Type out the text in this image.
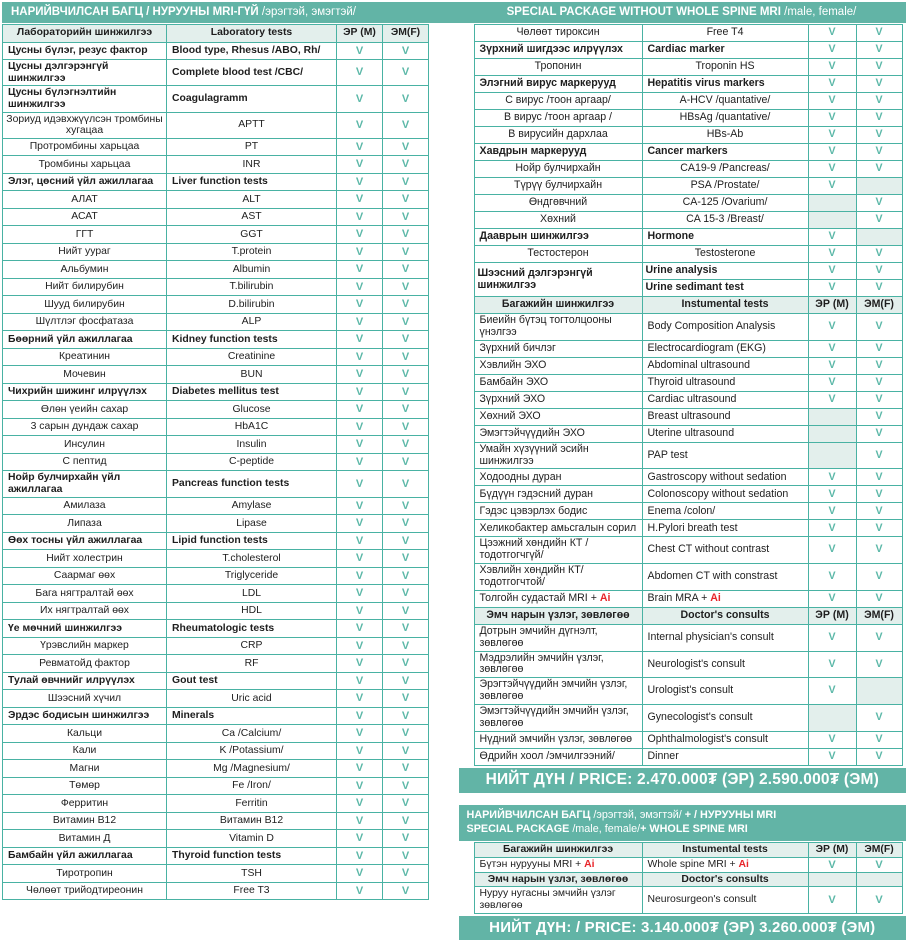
НАРИЙВЧИЛСАН БАГЦ / НУРУУНЫ MRI-ГҮЙ /эрэгтэй, эмэгтэй/	SPECIAL PACKAGE WITHOUT WHOLE SPINE MRI /male, female/
Лабораторийн шинжилгээ	Laboratory tests	ЭР (М)	ЭМ(F)
Цусны бүлэг, резус фактор	Blood type, Rhesus /ABO, Rh/	V	V
Цусны дэлгэрэнгүй шинжилгээ	Complete blood test /CBC/	V	V
Цусны бүлэгнэлтийн шинжилгээ	Coagulagramm	V	V
Зориуд идэвхжүүлсэн тромбины хугацаа	APTT	V	V
Протромбины харьцаа	PT	V	V
Тромбины харьцаа	INR	V	V
Элэг, цөсний үйл ажиллагаа	Liver function tests	V	V
АЛАТ	ALT	V	V
АСАТ	AST	V	V
ГГТ	GGT	V	V
Нийт уураг	T.protein	V	V
Альбумин	Albumin	V	V
Нийт билирубин	T.bilirubin	V	V
Шууд билирубин	D.bilirubin	V	V
Шүлтлэг фосфатаза	ALP	V	V
Бөөрний үйл ажиллагаа	Kidney function tests	V	V
Креатинин	Creatinine	V	V
Мочевин	BUN	V	V
Чихрийн шижинг илрүүлэх	Diabetes mellitus test	V	V
Өлөн үеийн сахар	Glucose	V	V
3 сарын дундаж сахар	HbA1C	V	V
Инсулин	Insulin	V	V
С пептид	C-peptide	V	V
Нойр булчирхайн үйл ажиллагаа	Pancreas function tests	V	V
Амилаза	Amylase	V	V
Липаза	Lipase	V	V
Өөх тосны үйл ажиллагаа	Lipid function tests	V	V
Нийт холестрин	T.cholesterol	V	V
Саармаг өөх	Triglyceride	V	V
Бага нягтралтай өөх	LDL	V	V
Их нягтралтай өөх	HDL	V	V
Үе мөчний шинжилгээ	Rheumatologic tests	V	V
Үрэвслийн маркер	CRP	V	V
Ревматойд фактор	RF	V	V
Тулай өвчнийг илрүүлэх	Gout test	V	V
Шээсний хүчил	Uric acid	V	V
Эрдэс бодисын шинжилгээ	Minerals	V	V
Кальци	Ca /Calcium/	V	V
Кали	K /Potassium/	V	V
Магни	Mg /Magnesium/	V	V
Төмөр	Fe /Iron/	V	V
Ферритин	Ferritin	V	V
Витамин В12	Витамин В12	V	V
Витамин Д	Vitamin D	V	V
Бамбайн үйл ажиллагаа	Thyroid function tests	V	V
Тиротропин	TSH	V	V
Чөлөөт трийодтиреонин	Free T3	V	V
Чөлөөт тироксин	Free T4	V	V
Зүрхний шигдээс илрүүлэх	Cardiac marker	V	V
Тропонин	Troponin HS	V	V
Элэгний вирус маркерууд	Hepatitis virus markers	V	V
С вирус /тоон аргаар/	A-HCV /quantative/	V	V
В вирус /тоон аргаар /	HBsAg /quantative/	V	V
В вирусийн дархлаа	HBs-Ab	V	V
Хавдрын маркерууд	Cancer markers	V	V
Нойр булчирхайн	CA19-9 /Pancreas/	V	V
Түрүү булчирхайн	PSA /Prostate/	V	
Өндгөвчний	CA-125 /Ovarium/		V
Хөхний	CA 15-3 /Breast/		V
Дааврын шинжилгээ	Hormone	V	
Тестостерон	Testosterone	V	V
Шээсний дэлгэрэнгүй шинжилгээ	Urine analysis	V	V
	Urine sedimant test	V	V
Багажийн шинжилгээ	Instumental tests	ЭР (М)	ЭМ(F)
Биеийн бүтэц тогтолцооны үнэлгээ	Body Composition Analysis	V	V
Зүрхний бичлэг	Electrocardiogram (EKG)	V	V
Хэвлийн ЭХО	Abdominal ultrasound	V	V
Бамбайн ЭХО	Thyroid ultrasound	V	V
Зүрхний ЭХО	Cardiac ultrasound	V	V
Хөхний ЭХО	Breast ultrasound		V
Эмэгтэйчүүдийн ЭХО	Uterine ultrasound		V
Умайн хүзүүний эсийн шинжилгээ	PAP test		V
Ходоодны дуран	Gastroscopy without sedation	V	V
Бүдүүн гэдэсний дуран	Colonoscopy without sedation	V	V
Гэдэс цэвэрлэх бодис	Enema /colon/	V	V
Хеликобактер амьсгалын сорил	H.Pylori breath test	V	V
Цээжний хөндийн КТ / тодотгогчгүй/	Chest CT without contrast	V	V
Хэвлийн хөндийн КТ/ тодотгогчтой/	Abdomen CT with constrast	V	V
Толгойн судастай MRI + Ai	Brain MRA + Ai	V	V
Эмч нарын үзлэг, зөвлөгөө	Doctor's consults	ЭР (М)	ЭМ(F)
Дотрын эмчийн дүгнэлт, зөвлөгөө	Internal physician's consult	V	V
Мэдрэлийн эмчийн үзлэг, зөвлөгөө	Neurologist's consult	V	V
Эрэгтэйчүүдийн эмчийн үзлэг, зөвлөгөө	Urologist's consult	V	
Эмэгтэйчүүдийн эмчийн үзлэг, зөвлөгөө	Gynecologist's consult		V
Нүдний эмчийн үзлэг, зөвлөгөө	Ophthalmologist's consult	V	V
Өдрийн хоол /эмчилгээний/	Dinner	V	V
НИЙТ ДҮН / PRICE: 2.470.000₮ (ЭР) 2.590.000₮ (ЭМ)
НАРИЙВЧИЛСАН БАГЦ /эрэгтэй, эмэгтэй/ + / НУРУУНЫ MRI
SPECIAL PACKAGE /male, female/+ WHOLE SPINE MRI
Багажийн шинжилгээ	Instumental tests	ЭР (М)	ЭМ(F)
Бүтэн нурууны MRI + Ai	Whole spine MRI + Ai	V	V
Эмч нарын үзлэг, зөвлөгөө	Doctor's consults		
Нуруу нугасны эмчийн үзлэг зөвлөгөө	Neurosurgeon's consult	V	V
НИЙТ ДҮН: / PRICE: 3.140.000₮ (ЭР) 3.260.000₮ (ЭМ)
